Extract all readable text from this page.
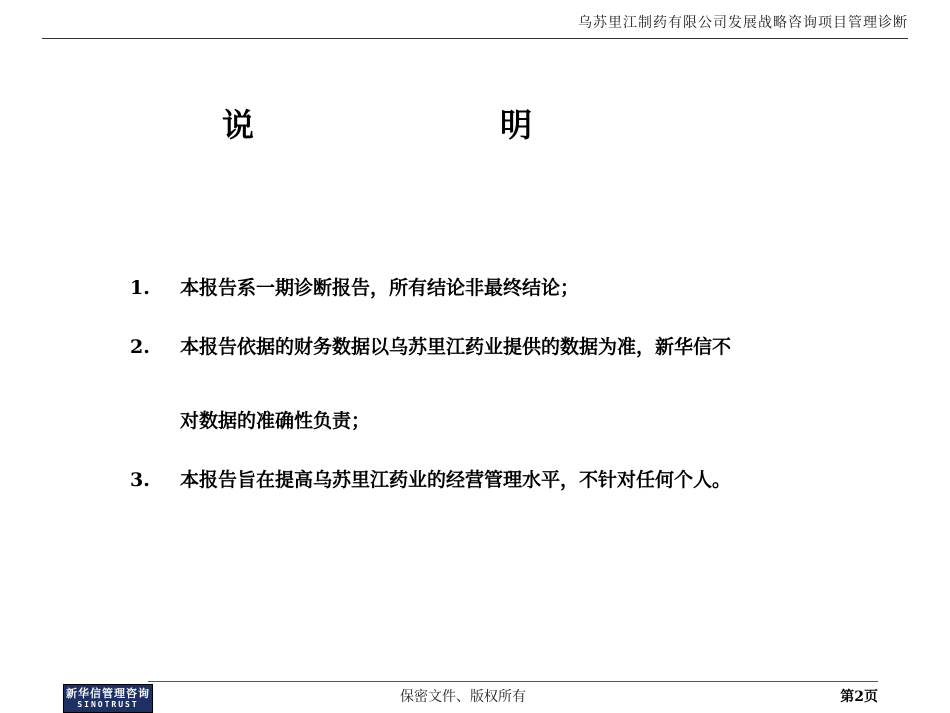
乌苏里江制药有限公司发展战略咨询项目管理诊断
说	明
1. 本报告系一期诊断报告，所有结论非最终结论；
2. 本报告依据的财务数据以乌苏里江药业提供的数据为准，新华信不
对数据的准确性负责；
3. 本报告旨在提高乌苏里江药业的经营管理水平，不针对任何个人。
新华信管理咨询
SINOTRUST	保密文件、版权所有	第2页
